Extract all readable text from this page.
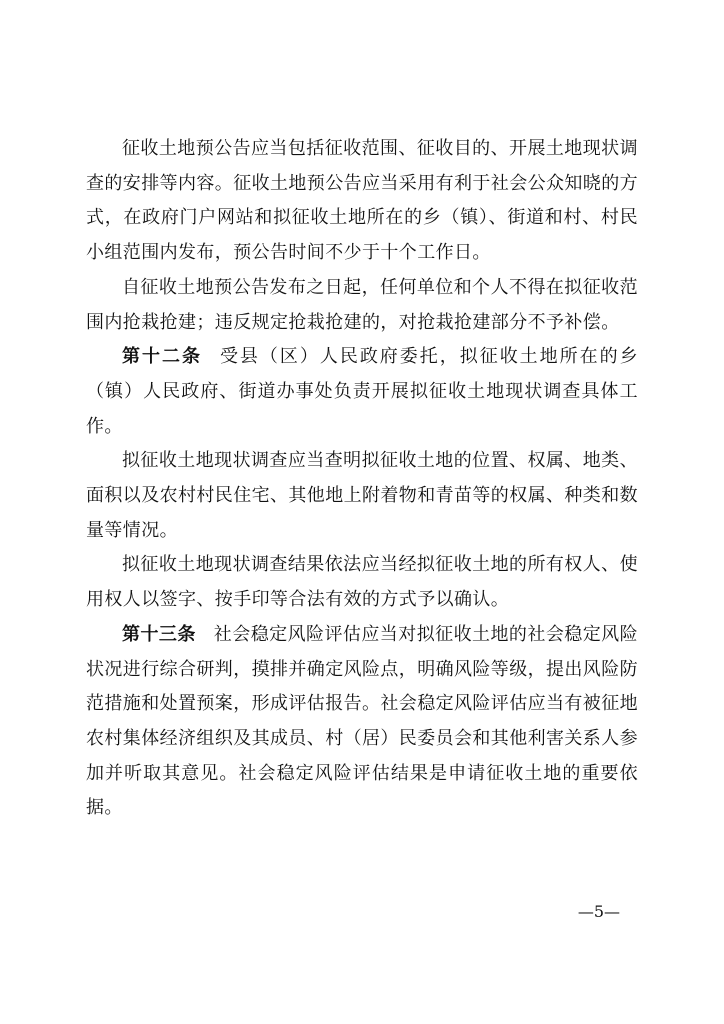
征收土地预公告应当包括征收范围、征收目的、开展土地现状调查的安排等内容。征收土地预公告应当采用有利于社会公众知晓的方式，在政府门户网站和拟征收土地所在的乡（镇）、街道和村、村民小组范围内发布，预公告时间不少于十个工作日。

自征收土地预公告发布之日起，任何单位和个人不得在拟征收范围内抢栽抢建；违反规定抢栽抢建的，对抢栽抢建部分不予补偿。

第十二条 受县（区）人民政府委托，拟征收土地所在的乡（镇）人民政府、街道办事处负责开展拟征收土地现状调查具体工作。

拟征收土地现状调查应当查明拟征收土地的位置、权属、地类、面积以及农村村民住宅、其他地上附着物和青苗等的权属、种类和数量等情况。

拟征收土地现状调查结果依法应当经拟征收土地的所有权人、使用权人以签字、按手印等合法有效的方式予以确认。

第十三条 社会稳定风险评估应当对拟征收土地的社会稳定风险状况进行综合研判，摸排并确定风险点，明确风险等级，提出风险防范措施和处置预案，形成评估报告。社会稳定风险评估应当有被征地农村集体经济组织及其成员、村（居）民委员会和其他利害关系人参加并听取其意见。社会稳定风险评估结果是申请征收土地的重要依据。

—5—
